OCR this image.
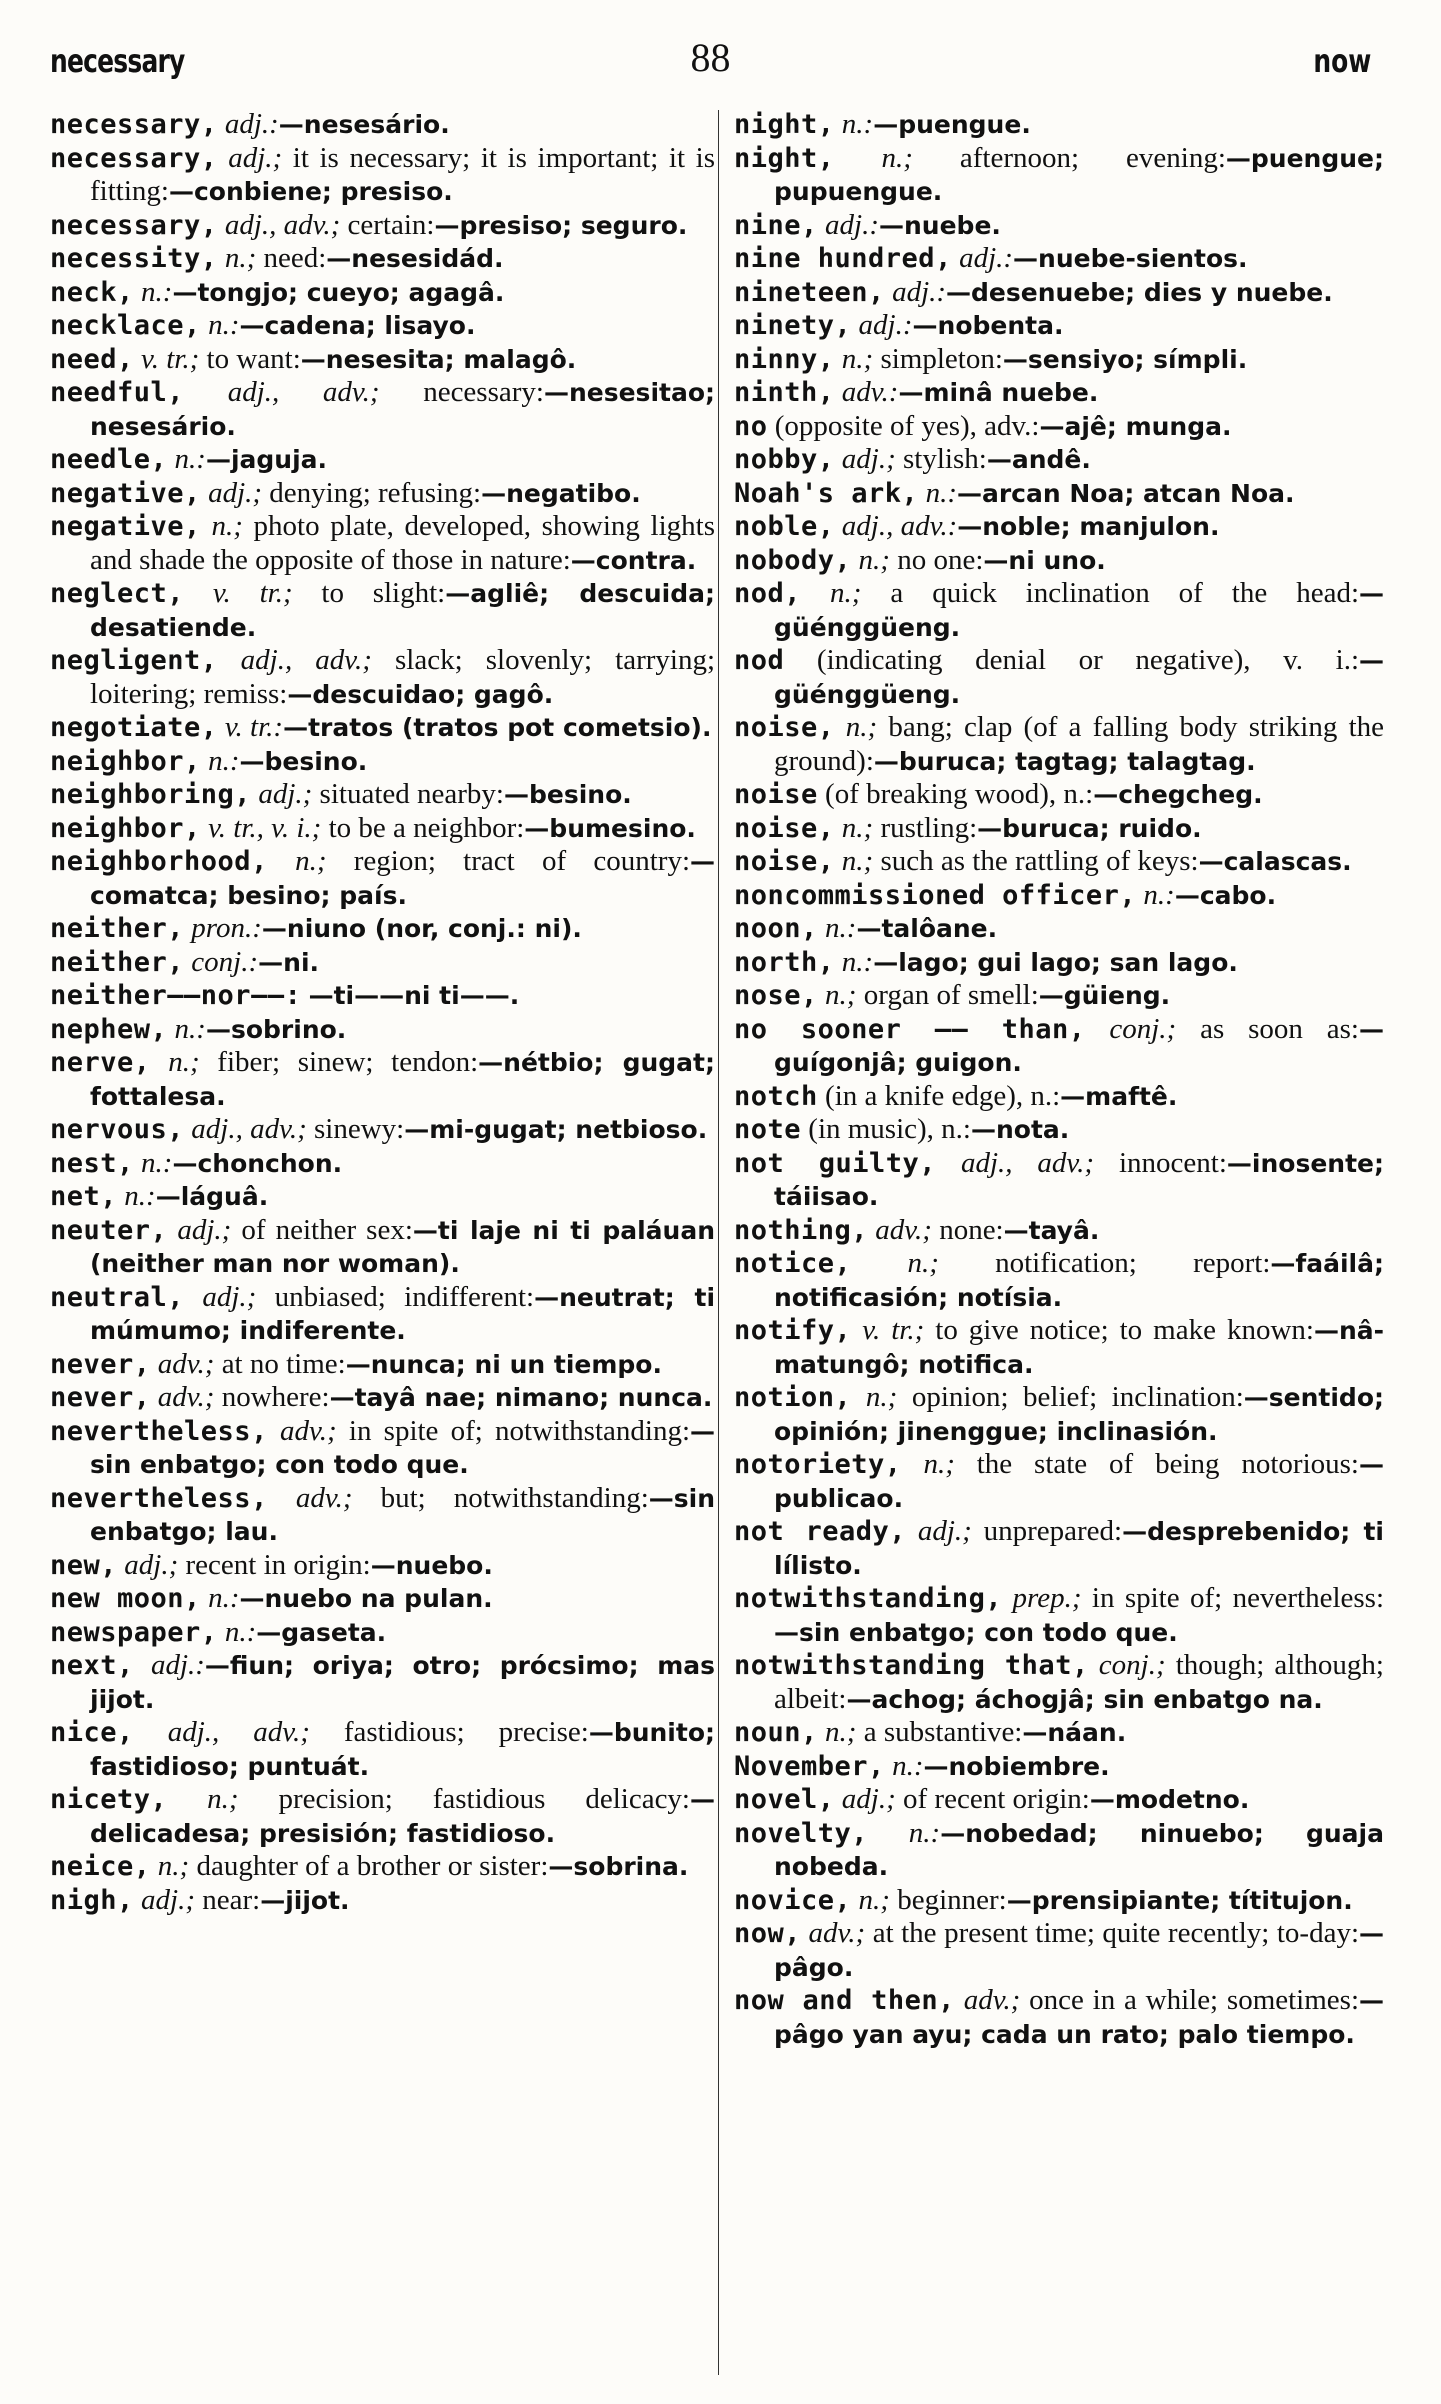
necessary	88	now

necessary, adj.:—nesesário.

necessary, adj.; it is necessary; it is important; it is fitting:—conbiene; presiso.

necessary, adj., adv.; certain:—presiso; seguro.

necessity, n.; need:—nesesidád.

neck, n.:—tongjo; cueyo; agagâ.

necklace, n.:—cadena; lisayo.

need, v. tr.; to want:—nesesita; malagô.

needful, adj., adv.; necessary:—nesesitao; nesesário.

needle, n.:—jaguja.

negative, adj.; denying; refusing:—negatibo.

negative, n.; photo plate, developed, showing lights and shade the opposite of those in nature:—contra.

neglect, v. tr.; to slight:—agliê; descuida; desatiende.

negligent, adj., adv.; slack; slovenly; tarrying; loitering; remiss:—descuidao; gagô.

negotiate, v. tr.:—tratos (tratos pot cometsio).

neighbor, n.:—besino.

neighboring, adj.; situated nearby:—besino.

neighbor, v. tr., v. i.; to be a neighbor:—bumesino.

neighborhood, n.; region; tract of country:—comatca; besino; país.

neither, pron.:—niuno (nor, conj.: ni).

neither, conj.:—ni.

neither——nor——: —ti——ni ti——.

nephew, n.:—sobrino.

nerve, n.; fiber; sinew; tendon:—nétbio; gugat; fottalesa.

nervous, adj., adv.; sinewy:—mi-gugat; netbioso.

nest, n.:—chonchon.

net, n.:—láguâ.

neuter, adj.; of neither sex:—ti laje ni ti paláuan (neither man nor woman).

neutral, adj.; unbiased; indifferent:—neutrat; ti múmumo; indiferente.

never, adv.; at no time:—nunca; ni un tiempo.

never, adv.; nowhere:—tayâ nae; nimano; nunca.

nevertheless, adv.; in spite of; notwithstanding:—sin enbatgo; con todo que.

nevertheless, adv.; but; notwithstanding:—sin enbatgo; lau.

new, adj.; recent in origin:—nuebo.

new moon, n.:—nuebo na pulan.

newspaper, n.:—gaseta.

next, adj.:—fiun; oriya; otro; prócsimo; mas jijot.

nice, adj., adv.; fastidious; precise:—bunito; fastidioso; puntuát.

nicety, n.; precision; fastidious delicacy:—delicadesa; presisión; fastidioso.

neice, n.; daughter of a brother or sister:—sobrina.

nigh, adj.; near:—jijot.

night, n.:—puengue.

night, n.; afternoon; evening:—puengue; pupuengue.

nine, adj.:—nuebe.

nine hundred, adj.:—nuebe-sientos.

nineteen, adj.:—desenuebe; dies y nuebe.

ninety, adj.:—nobenta.

ninny, n.; simpleton:—sensiyo; símpli.

ninth, adv.:—minâ nuebe.

no (opposite of yes), adv.:—ajê; munga.

nobby, adj.; stylish:—andê.

Noah's ark, n.:—arcan Noa; atcan Noa.

noble, adj., adv.:—noble; manjulon.

nobody, n.; no one:—ni uno.

nod, n.; a quick inclination of the head:—güénggüeng.

nod (indicating denial or negative), v. i.:—güénggüeng.

noise, n.; bang; clap (of a falling body striking the ground):—buruca; tagtag; talagtag.

noise (of breaking wood), n.:—chegcheg.

noise, n.; rustling:—buruca; ruido.

noise, n.; such as the rattling of keys:—calascas.

noncommissioned officer, n.:—cabo.

noon, n.:—talôane.

north, n.:—lago; gui lago; san lago.

nose, n.; organ of smell:—güieng.

no sooner —— than, conj.; as soon as:—guígonjâ; guigon.

notch (in a knife edge), n.:—maftê.

note (in music), n.:—nota.

not guilty, adj., adv.; innocent:—inosente; táiisao.

nothing, adv.; none:—tayâ.

notice, n.; notification; report:—faáilâ; notificasión; notísia.

notify, v. tr.; to give notice; to make known:—nâ-matungô; notifica.

notion, n.; opinion; belief; inclination:—sentido; opinión; jinenggue; inclinasión.

notoriety, n.; the state of being notorious:—publicao.

not ready, adj.; unprepared:—desprebenido; ti lílisto.

notwithstanding, prep.; in spite of; nevertheless:—sin enbatgo; con todo que.

notwithstanding that, conj.; though; although; albeit:—achog; áchogjâ; sin enbatgo na.

noun, n.; a substantive:—náan.

November, n.:—nobiembre.

novel, adj.; of recent origin:—modetno.

novelty, n.:—nobedad; ninuebo; guaja nobeda.

novice, n.; beginner:—prensipiante; títitujon.

now, adv.; at the present time; quite recently; to-day:—pâgo.

now and then, adv.; once in a while; sometimes:—pâgo yan ayu; cada un rato; palo tiempo.
